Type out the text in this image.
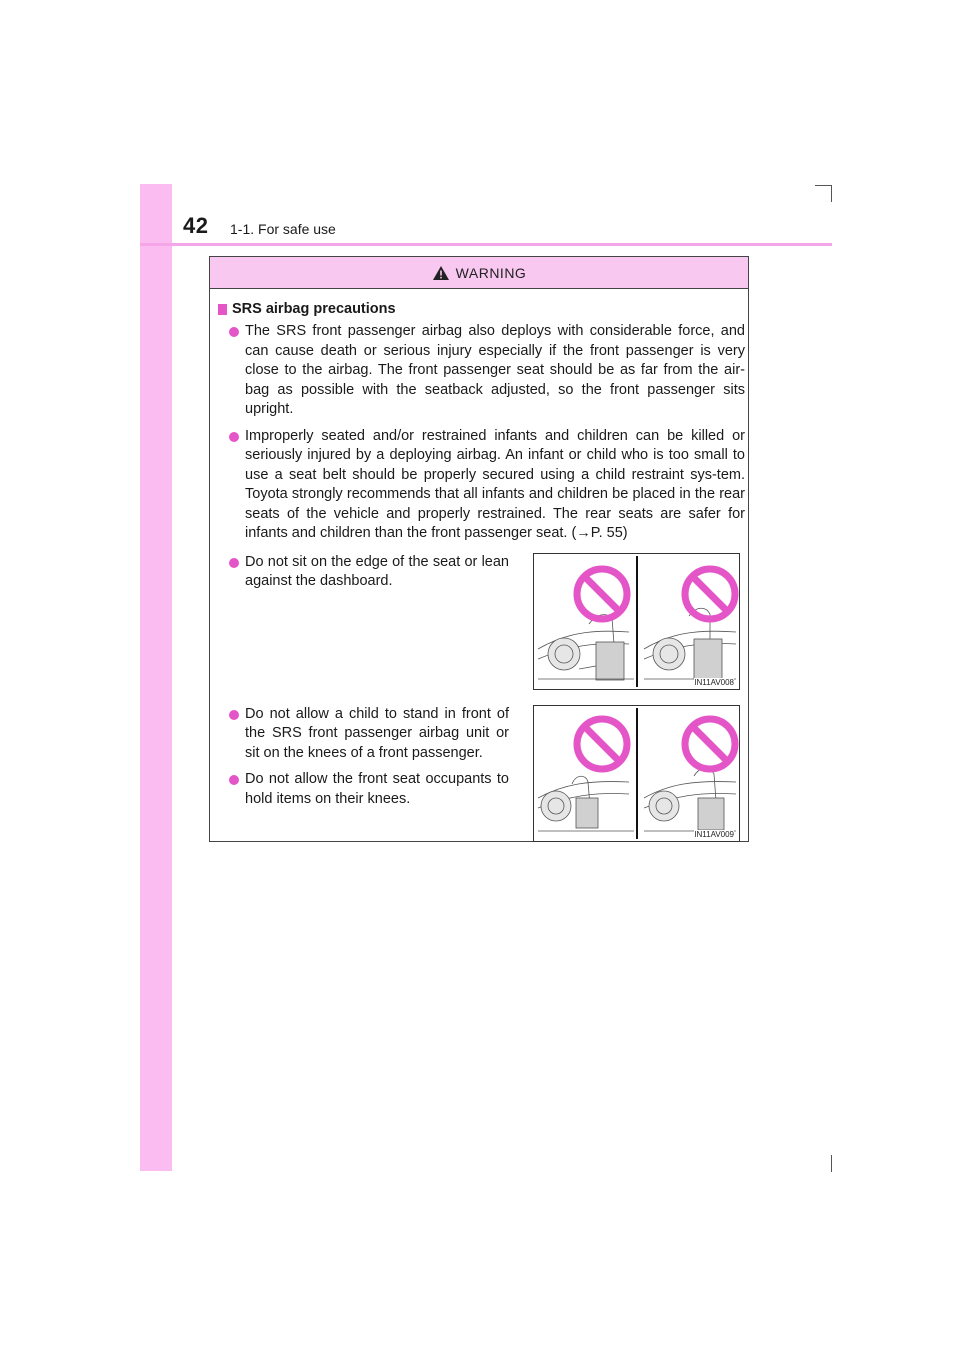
42 1-1. For safe use
WARNING
SRS airbag precautions
The SRS front passenger airbag also deploys with considerable force, and can cause death or serious injury especially if the front passenger is very close to the airbag. The front passenger seat should be as far from the air-bag as possible with the seatback adjusted, so the front passenger sits upright.
Improperly seated and/or restrained infants and children can be killed or seriously injured by a deploying airbag. An infant or child who is too small to use a seat belt should be properly secured using a child restraint sys-tem. Toyota strongly recommends that all infants and children be placed in the rear seats of the vehicle and properly restrained. The rear seats are safer for infants and children than the front passenger seat. (→P. 55)
Do not sit on the edge of the seat or lean against the dashboard.
IN11AV008
Do not allow a child to stand in front of the SRS front passenger airbag unit or sit on the knees of a front passenger.
Do not allow the front seat occupants to hold items on their knees.
IN11AV009
